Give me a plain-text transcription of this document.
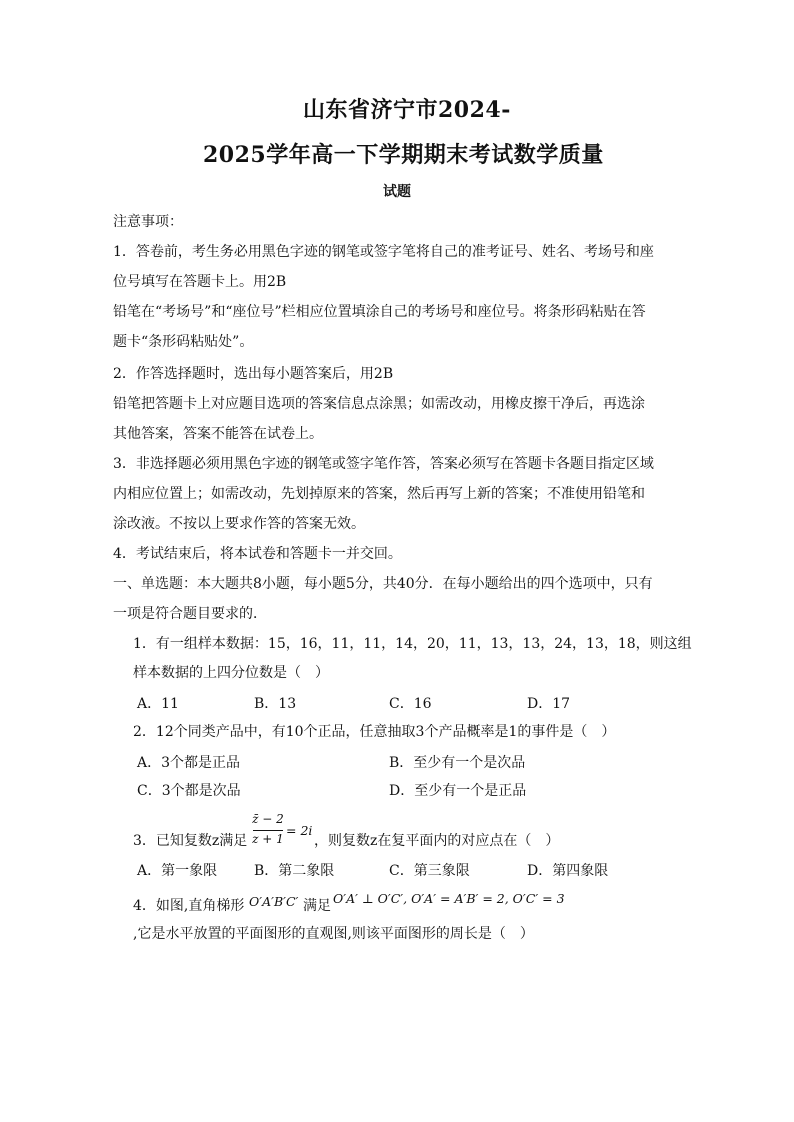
山东省济宁市2024-
2025学年高一下学期期末考试数学质量
试题
注意事项：
1．答卷前，考生务必用黑色字迹的钢笔或签字笔将自己的准考证号、姓名、考场号和座
位号填写在答题卡上。用2B
铅笔在“考场号”和“座位号”栏相应位置填涂自己的考场号和座位号。将条形码粘贴在答
题卡“条形码粘贴处”。
2．作答选择题时，选出每小题答案后，用2B
铅笔把答题卡上对应题目选项的答案信息点涂黑；如需改动，用橡皮擦干净后，再选涂
其他答案，答案不能答在试卷上。
3．非选择题必须用黑色字迹的钢笔或签字笔作答，答案必须写在答题卡各题目指定区域
内相应位置上；如需改动，先划掉原来的答案，然后再写上新的答案；不准使用铅笔和
涂改液。不按以上要求作答的答案无效。
4．考试结束后，将本试卷和答题卡一并交回。
一、单选题：本大题共8小题，每小题5分，共40分．在每小题给出的四个选项中，只有
一项是符合题目要求的．
1．有一组样本数据：15，16，11，11，14，20，11，13，13，24，13，18，则这组
样本数据的上四分位数是（　）
A．11	B．13	C．16	D．17
2．12个同类产品中，有10个正品，任意抽取3个产品概率是1的事件是（　）
A．3个都是正品	B．至少有一个是次品
C．3个都是次品	D．至少有一个是正品
3．已知复数z满足
z̄ − 2
z + 1
= 2i
，则复数z在复平面内的对应点在（　）
A．第一象限	B．第二象限	C．第三象限	D．第四象限
4．如图,直角梯形 O′A′B′C′ 满足 O′A′ ⊥ O′C′, O′A′ = A′B′ = 2, O′C′ = 3
,它是水平放置的平面图形的直观图,则该平面图形的周长是（　）
